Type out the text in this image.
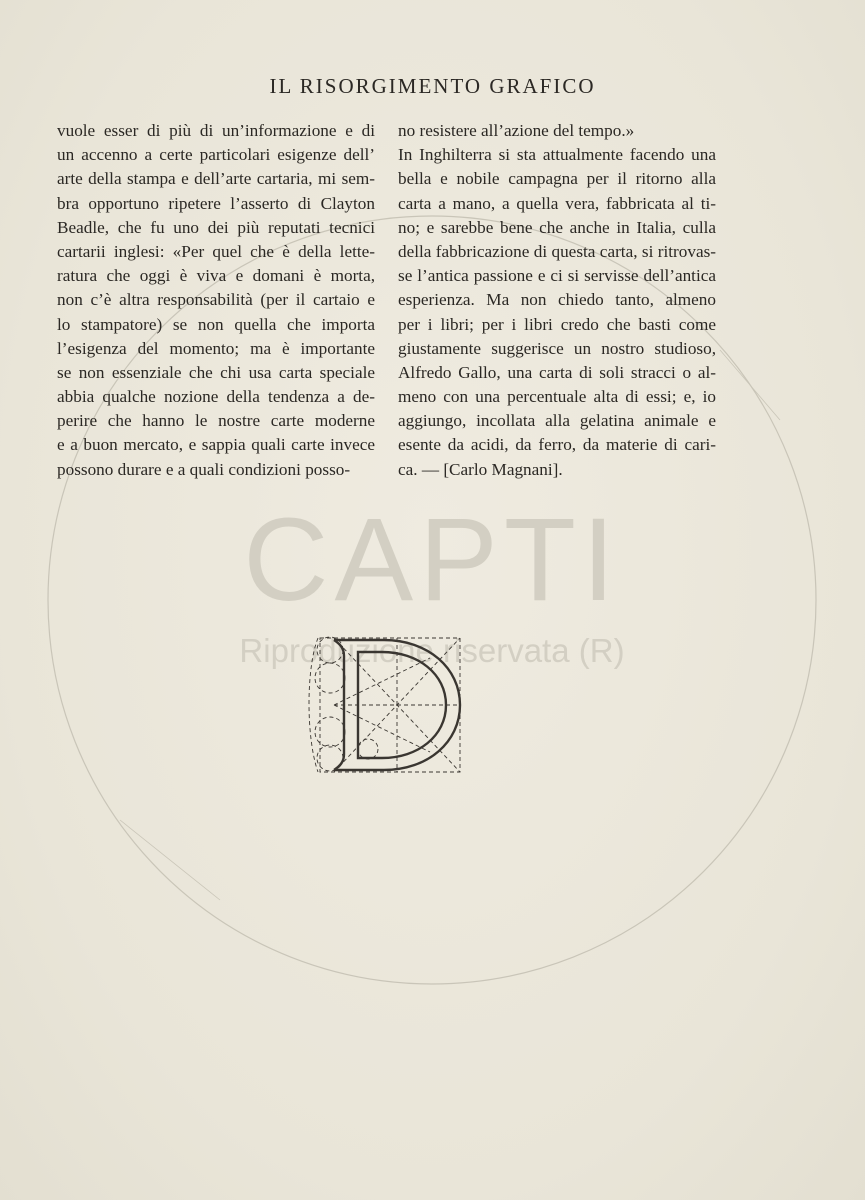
CAPTI
Riproduzione riservata (R)
IL RISORGIMENTO GRAFICO
vuole esser di più di un’informazione e di
un accenno a certe particolari esigenze dell’
arte della stampa e dell’arte cartaria, mi sem-
bra opportuno ripetere l’asserto di Clayton
Beadle, che fu uno dei più reputati tecnici
cartarii inglesi: «Per quel che è della lette-
ratura che oggi è viva e domani è morta,
non c’è altra responsabilità (per il cartaio e
lo stampatore) se non quella che importa
l’esigenza del momento; ma è importante
se non essenziale che chi usa carta speciale
abbia qualche nozione della tendenza a de-
perire che hanno le nostre carte moderne
e a buon mercato, e sappia quali carte invece
possono durare e a quali condizioni posso-
no resistere all’azione del tempo.»
In Inghilterra si sta attualmente facendo una
bella e nobile campagna per il ritorno alla
carta a mano, a quella vera, fabbricata al ti-
no; e sarebbe bene che anche in Italia, culla
della fabbricazione di questa carta, si ritrovas-
se l’antica passione e ci si servisse dell’antica
esperienza. Ma non chiedo tanto, almeno
per i libri; per i libri credo che basti come
giustamente suggerisce un nostro studioso,
Alfredo Gallo, una carta di soli stracci o al-
meno con una percentuale alta di essi; e, io
aggiungo, incollata alla gelatina animale e
esente da acidi, da ferro, da materie di cari-
ca. — [Carlo Magnani].
D
